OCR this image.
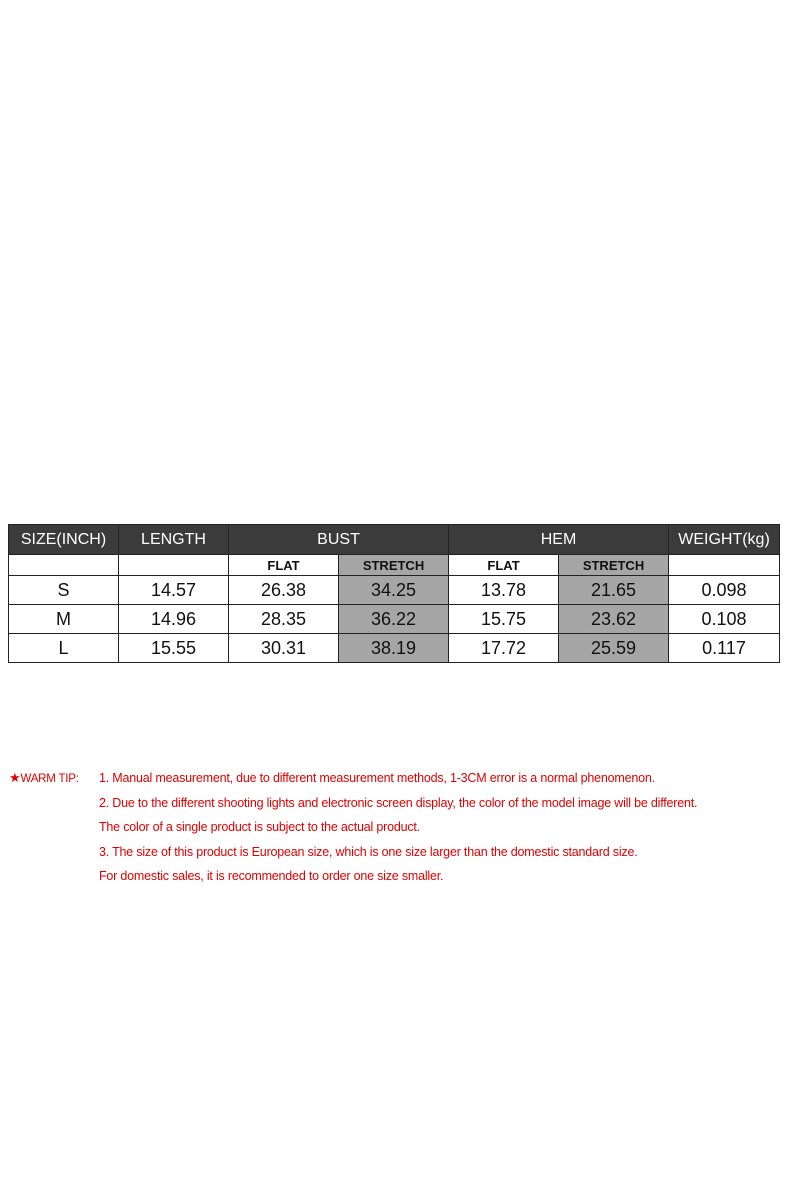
SIZE(INCH)	LENGTH	BUST		HEM		WEIGHT(kg)
		FLAT	STRETCH	FLAT	STRETCH	
S	14.57	26.38	34.25	13.78	21.65	0.098
M	14.96	28.35	36.22	15.75	23.62	0.108
L	15.55	30.31	38.19	17.72	25.59	0.117
★WARM TIP: 1. Manual measurement, due to different measurement methods, 1-3CM error is a normal phenomenon.
2. Due to the different shooting lights and electronic screen display, the color of the model image will be different.
The color of a single product is subject to the actual product.
3. The size of this product is European size, which is one size larger than the domestic standard size.
For domestic sales, it is recommended to order one size smaller.
